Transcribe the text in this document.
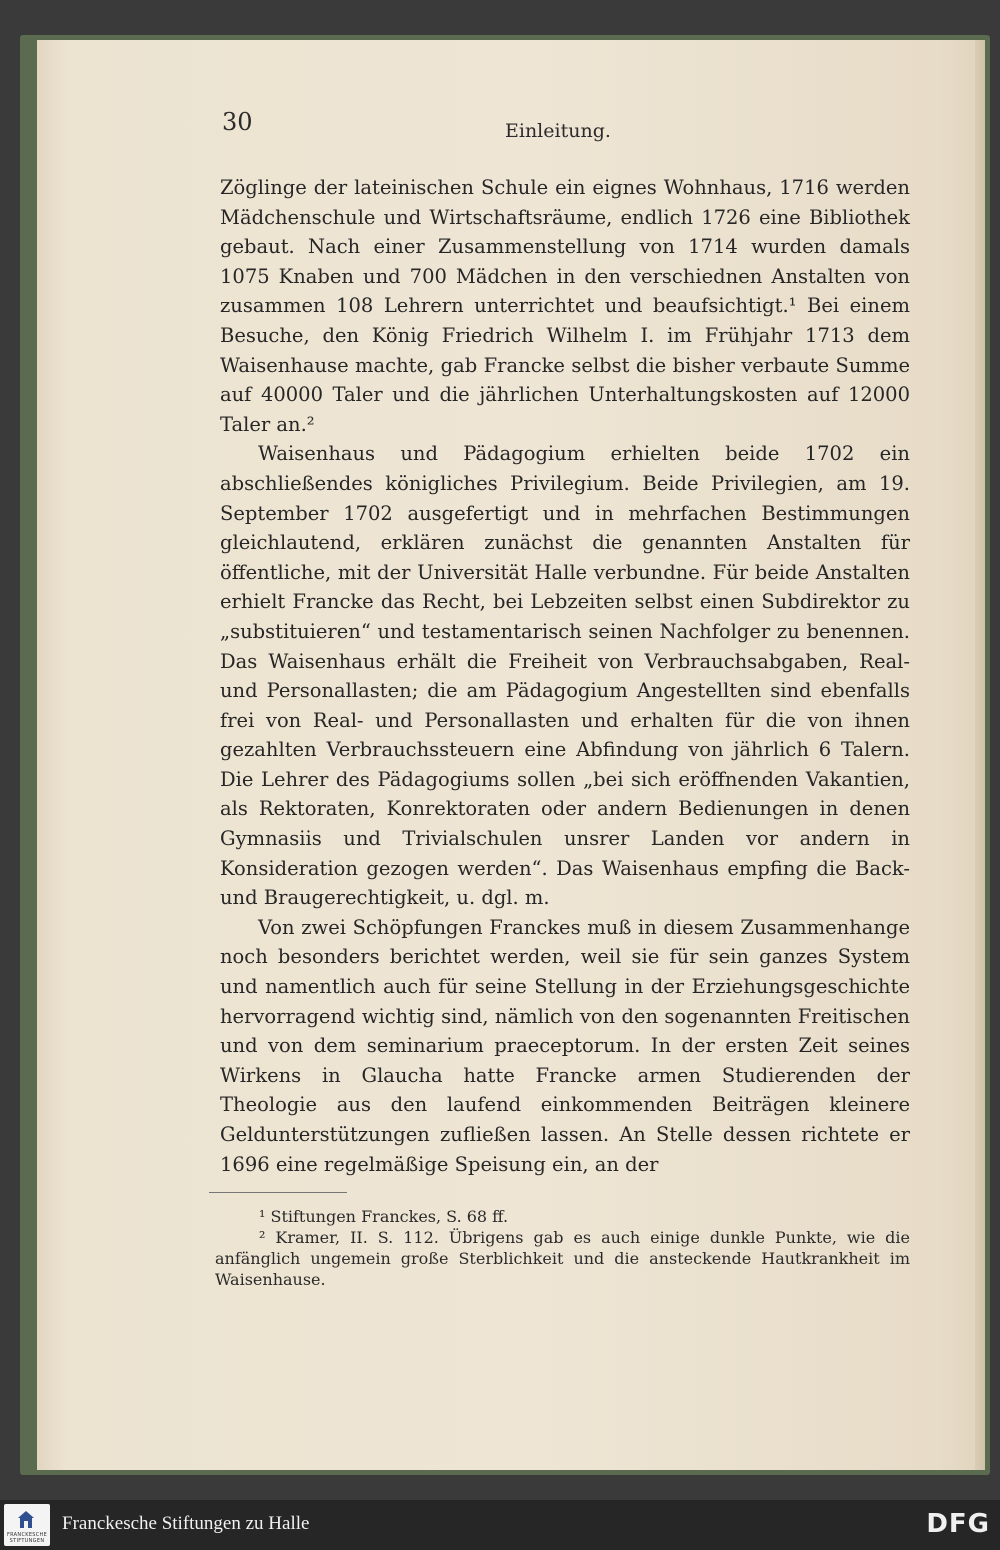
30	Einleitung.

Zöglinge der lateinischen Schule ein eignes Wohnhaus, 1716 werden Mädchenschule und Wirtschaftsräume, endlich 1726 eine Bibliothek gebaut. Nach einer Zusammenstellung von 1714 wurden damals 1075 Knaben und 700 Mädchen in den verschiednen Anstalten von zusammen 108 Lehrern unterrichtet und beaufsichtigt.¹ Bei einem Besuche, den König Friedrich Wilhelm I. im Frühjahr 1713 dem Waisenhause machte, gab Francke selbst die bisher verbaute Summe auf 40000 Taler und die jährlichen Unterhaltungskosten auf 12000 Taler an.²

Waisenhaus und Pädagogium erhielten beide 1702 ein abschließendes königliches Privilegium. Beide Privilegien, am 19. September 1702 ausgefertigt und in mehrfachen Bestimmungen gleichlautend, erklären zunächst die genannten Anstalten für öffentliche, mit der Universität Halle verbundne. Für beide Anstalten erhielt Francke das Recht, bei Lebzeiten selbst einen Subdirektor zu „substituieren“ und testamentarisch seinen Nachfolger zu benennen. Das Waisenhaus erhält die Freiheit von Verbrauchsabgaben, Real- und Personallasten; die am Pädagogium Angestellten sind ebenfalls frei von Real- und Personallasten und erhalten für die von ihnen gezahlten Verbrauchssteuern eine Abfindung von jährlich 6 Talern. Die Lehrer des Pädagogiums sollen „bei sich eröffnenden Vakantien, als Rektoraten, Konrektoraten oder andern Bedienungen in denen Gymnasiis und Trivialschulen unsrer Landen vor andern in Konsideration gezogen werden“. Das Waisenhaus empfing die Back- und Braugerechtigkeit, u. dgl. m.

Von zwei Schöpfungen Franckes muß in diesem Zusammenhange noch besonders berichtet werden, weil sie für sein ganzes System und namentlich auch für seine Stellung in der Erziehungsgeschichte hervorragend wichtig sind, nämlich von den sogenannten Freitischen und von dem seminarium praeceptorum. In der ersten Zeit seines Wirkens in Glaucha hatte Francke armen Studierenden der Theologie aus den laufend einkommenden Beiträgen kleinere Geldunterstützungen zufließen lassen. An Stelle dessen richtete er 1696 eine regelmäßige Speisung ein, an der

¹ Stiftungen Franckes, S. 68 ff.

² Kramer, II. S. 112. Übrigens gab es auch einige dunkle Punkte, wie die anfänglich ungemein große Sterblichkeit und die ansteckende Hautkrankheit im Waisenhause.

FRANCKESCHE STIFTUNGEN
Franckesche Stiftungen zu Halle	DFG
